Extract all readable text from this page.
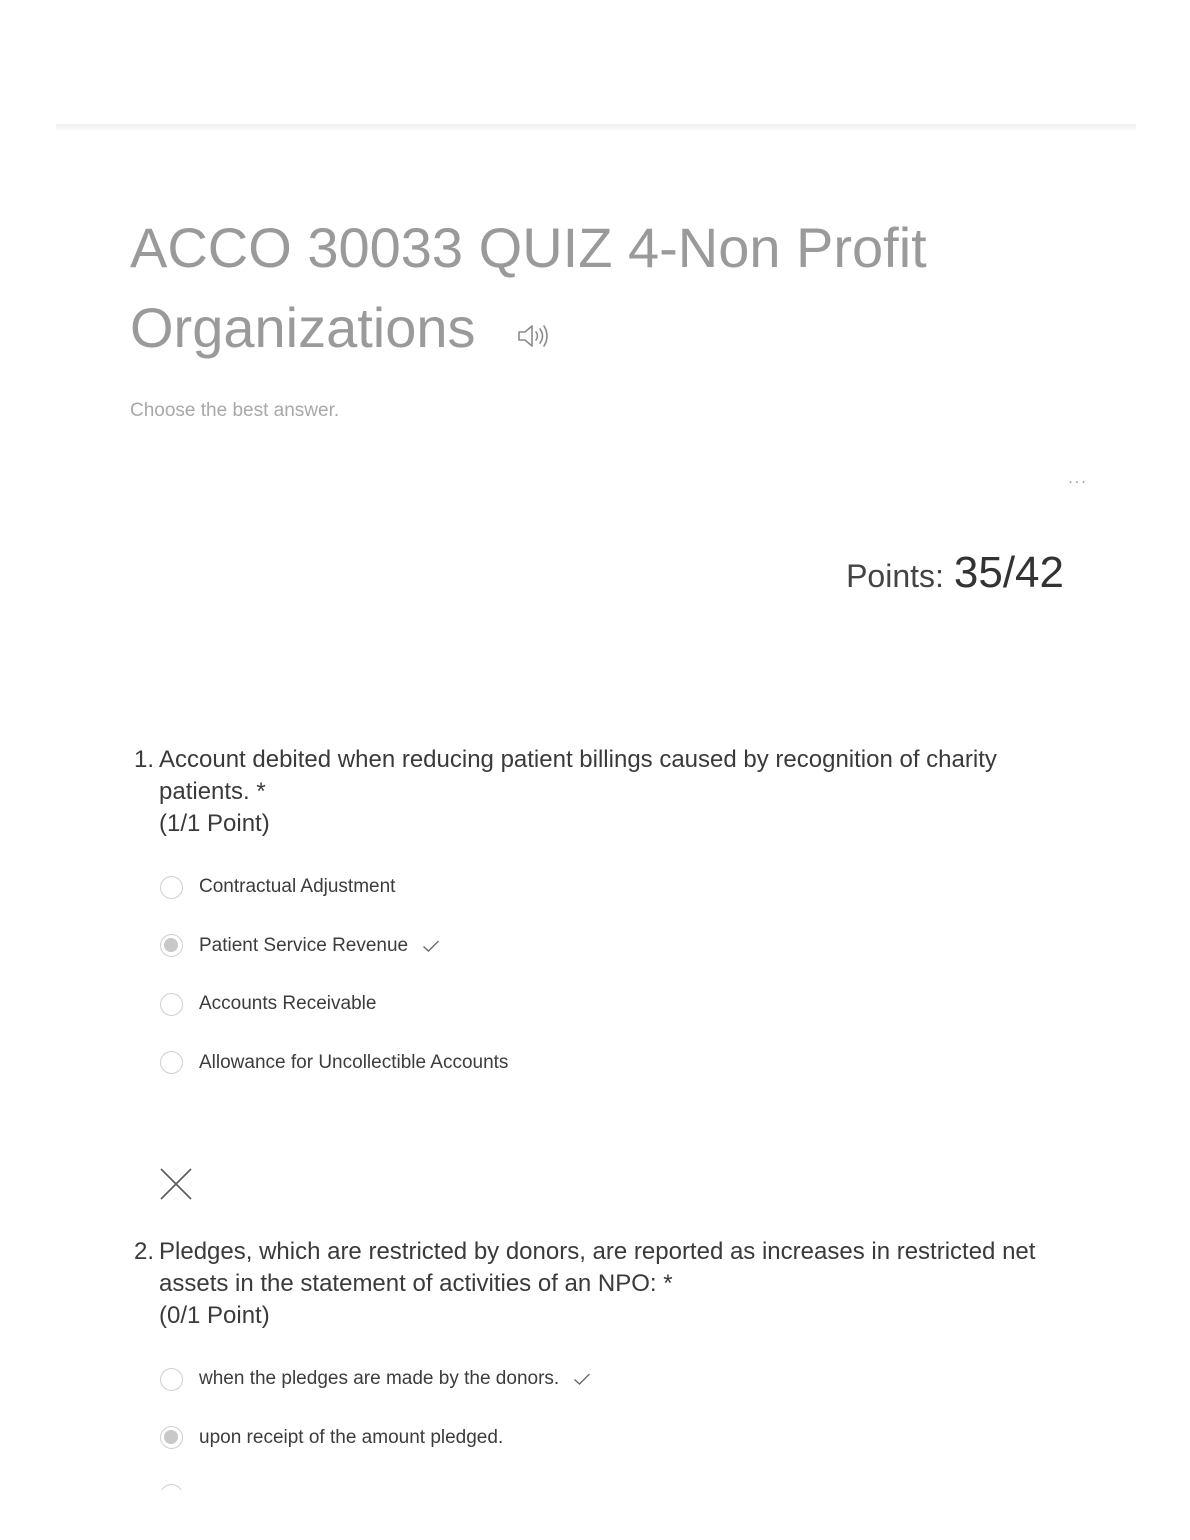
ACCO 30033 QUIZ 4-Non Profit Organizations
Choose the best answer.
...
Points: 35/42
1. Account debited when reducing patient billings caused by recognition of charity patients. *
(1/1 Point)
Contractual Adjustment
Patient Service Revenue
Accounts Receivable
Allowance for Uncollectible Accounts
2. Pledges, which are restricted by donors, are reported as increases in restricted net assets in the statement of activities of an NPO: *
(0/1 Point)
when the pledges are made by the donors.
upon receipt of the amount pledged.
